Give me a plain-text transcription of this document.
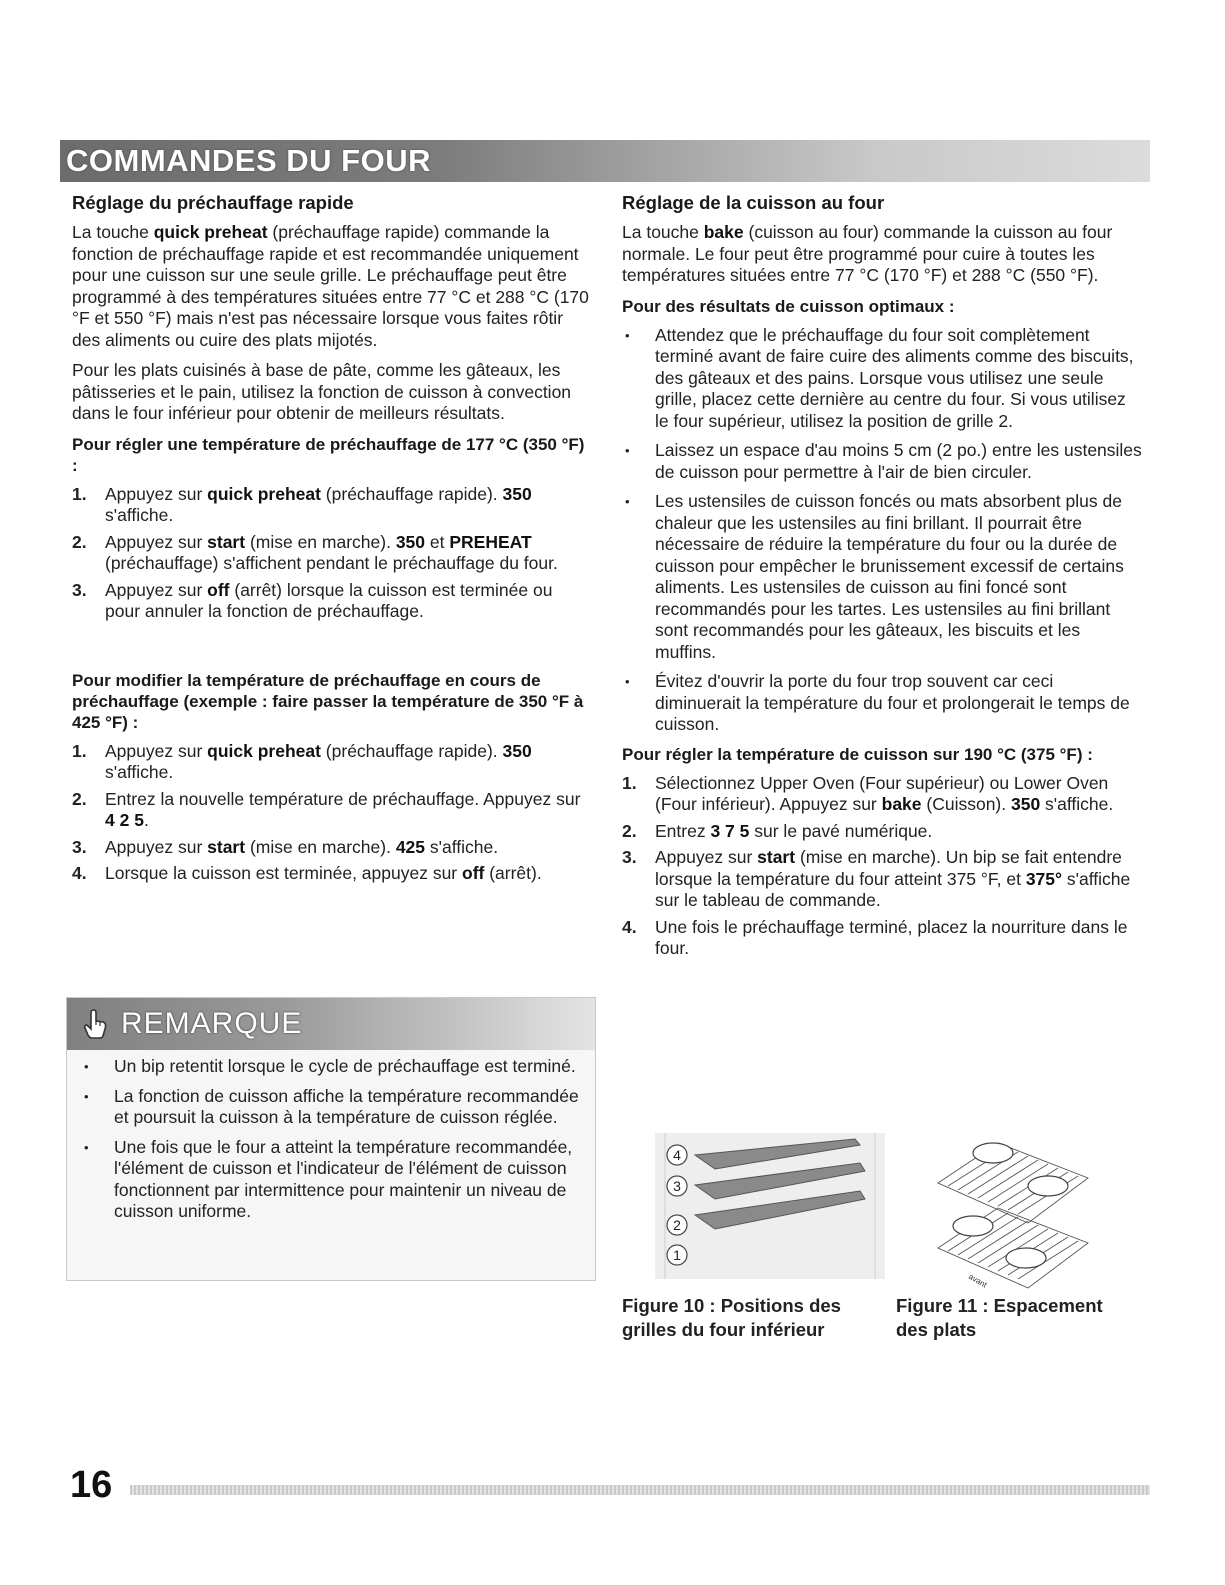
COMMANDES DU FOUR
Réglage du préchauffage rapide

La touche quick preheat (préchauffage rapide) commande la fonction de préchauffage rapide et est recommandée uniquement pour une cuisson sur une seule grille. Le préchauffage peut être programmé à des températures situées entre 77 °C et 288 °C (170 °F et 550 °F) mais n'est pas nécessaire lorsque vous faites rôtir des aliments ou cuire des plats mijotés.

Pour les plats cuisinés à base de pâte, comme les gâteaux, les pâtisseries et le pain, utilisez la fonction de cuisson à convection dans le four inférieur pour obtenir de meilleurs résultats.

Pour régler une température de préchauffage de 177 °C (350 °F) :
1. Appuyez sur quick preheat (préchauffage rapide). 350 s'affiche.
2. Appuyez sur start (mise en marche). 350 et PREHEAT (préchauffage) s'affichent pendant le préchauffage du four.
3. Appuyez sur off (arrêt) lorsque la cuisson est terminée ou pour annuler la fonction de préchauffage.
Pour modifier la température de préchauffage en cours de préchauffage (exemple : faire passer la température de 350 °F à 425 °F) :
1. Appuyez sur quick preheat (préchauffage rapide). 350 s'affiche.
2. Entrez la nouvelle température de préchauffage. Appuyez sur 4 2 5.
3. Appuyez sur start (mise en marche). 425 s'affiche.
4. Lorsque la cuisson est terminée, appuyez sur off (arrêt).
REMARQUE
• Un bip retentit lorsque le cycle de préchauffage est terminé.
• La fonction de cuisson affiche la température recommandée et poursuit la cuisson à la température de cuisson réglée.
• Une fois que le four a atteint la température recommandée, l'élément de cuisson et l'indicateur de l'élément de cuisson fonctionnent par intermittence pour maintenir un niveau de cuisson uniforme.
Réglage de la cuisson au four

La touche bake (cuisson au four) commande la cuisson au four normale. Le four peut être programmé pour cuire à toutes les températures situées entre 77 °C (170 °F) et 288 °C (550 °F).

Pour des résultats de cuisson optimaux :
• Attendez que le préchauffage du four soit complètement terminé avant de faire cuire des aliments comme des biscuits, des gâteaux et des pains. Lorsque vous utilisez une seule grille, placez cette dernière au centre du four. Si vous utilisez le four supérieur, utilisez la position de grille 2.
• Laissez un espace d'au moins 5 cm (2 po.) entre les ustensiles de cuisson pour permettre à l'air de bien circuler.
• Les ustensiles de cuisson foncés ou mats absorbent plus de chaleur que les ustensiles au fini brillant. Il pourrait être nécessaire de réduire la température du four ou la durée de cuisson pour empêcher le brunissement excessif de certains aliments. Les ustensiles de cuisson au fini foncé sont recommandés pour les tartes. Les ustensiles au fini brillant sont recommandés pour les gâteaux, les biscuits et les muffins.
• Évitez d'ouvrir la porte du four trop souvent car ceci diminuerait la température du four et prolongerait le temps de cuisson.
Pour régler la température de cuisson sur 190 °C (375 °F) :
1. Sélectionnez Upper Oven (Four supérieur) ou Lower Oven (Four inférieur). Appuyez sur bake (Cuisson). 350 s'affiche.
2. Entrez 3 7 5 sur le pavé numérique.
3. Appuyez sur start (mise en marche). Un bip se fait entendre lorsque la température du four atteint 375 °F, et 375° s'affiche sur le tableau de commande.
4. Une fois le préchauffage terminé, placez la nourriture dans le four.
4
3
2
1
avant
Figure 10 : Positions des
grilles du four inférieur
Figure 11 : Espacement
des plats
16
